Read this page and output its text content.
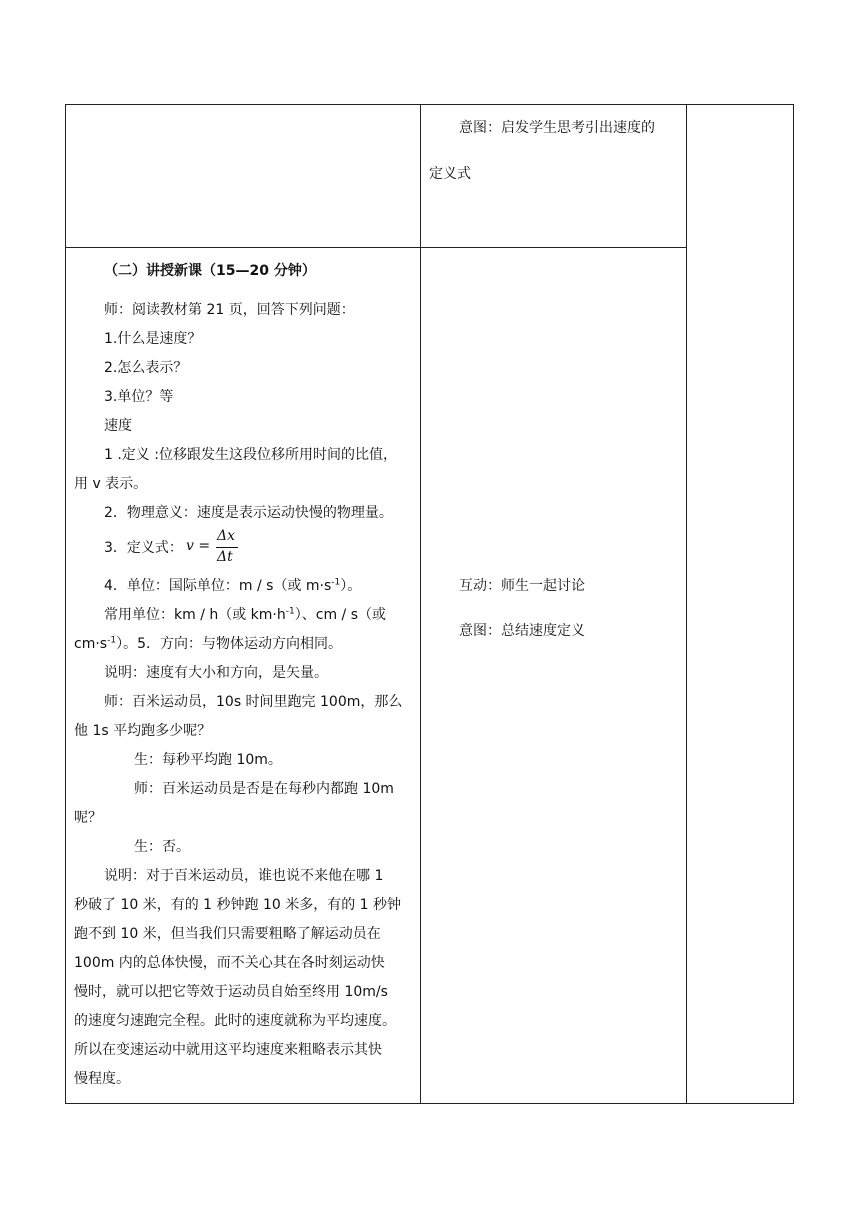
意图：启发学生思考引出速度的
定义式
（二）讲授新课（15—20 分钟）
师：阅读教材第 21 页，回答下列问题：
1.什么是速度？
2.怎么表示？
3.单位？等
速度
1 .定义 :位移跟发生这段位移所用时间的比值，
用 v 表示。
2．物理意义：速度是表示运动快慢的物理量。
3．定义式： v =
Δx
Δt
4．单位：国际单位：m / s（或 $m\cdot s^{-1}$）。
常用单位：km / h（或 $km\cdot h^{-1}$）、cm / s（或
$cm\cdot s^{-1}$）。5．方向：与物体运动方向相同。
说明：速度有大小和方向，是矢量。
师：百米运动员，10s 时间里跑完 100m，那么
他 1s 平均跑多少呢？
生：每秒平均跑 10m。
师：百米运动员是否是在每秒内都跑 10m
呢？
生：否。
说明：对于百米运动员，谁也说不来他在哪 1
秒破了 10 米，有的 1 秒钟跑 10 米多，有的 1 秒钟
跑不到 10 米，但当我们只需要粗略了解运动员在
100m 内的总体快慢，而不关心其在各时刻运动快
慢时，就可以把它等效于运动员自始至终用 10m/s
的速度匀速跑完全程。此时的速度就称为平均速度。
所以在变速运动中就用这平均速度来粗略表示其快
慢程度。
互动：师生一起讨论
意图：总结速度定义
